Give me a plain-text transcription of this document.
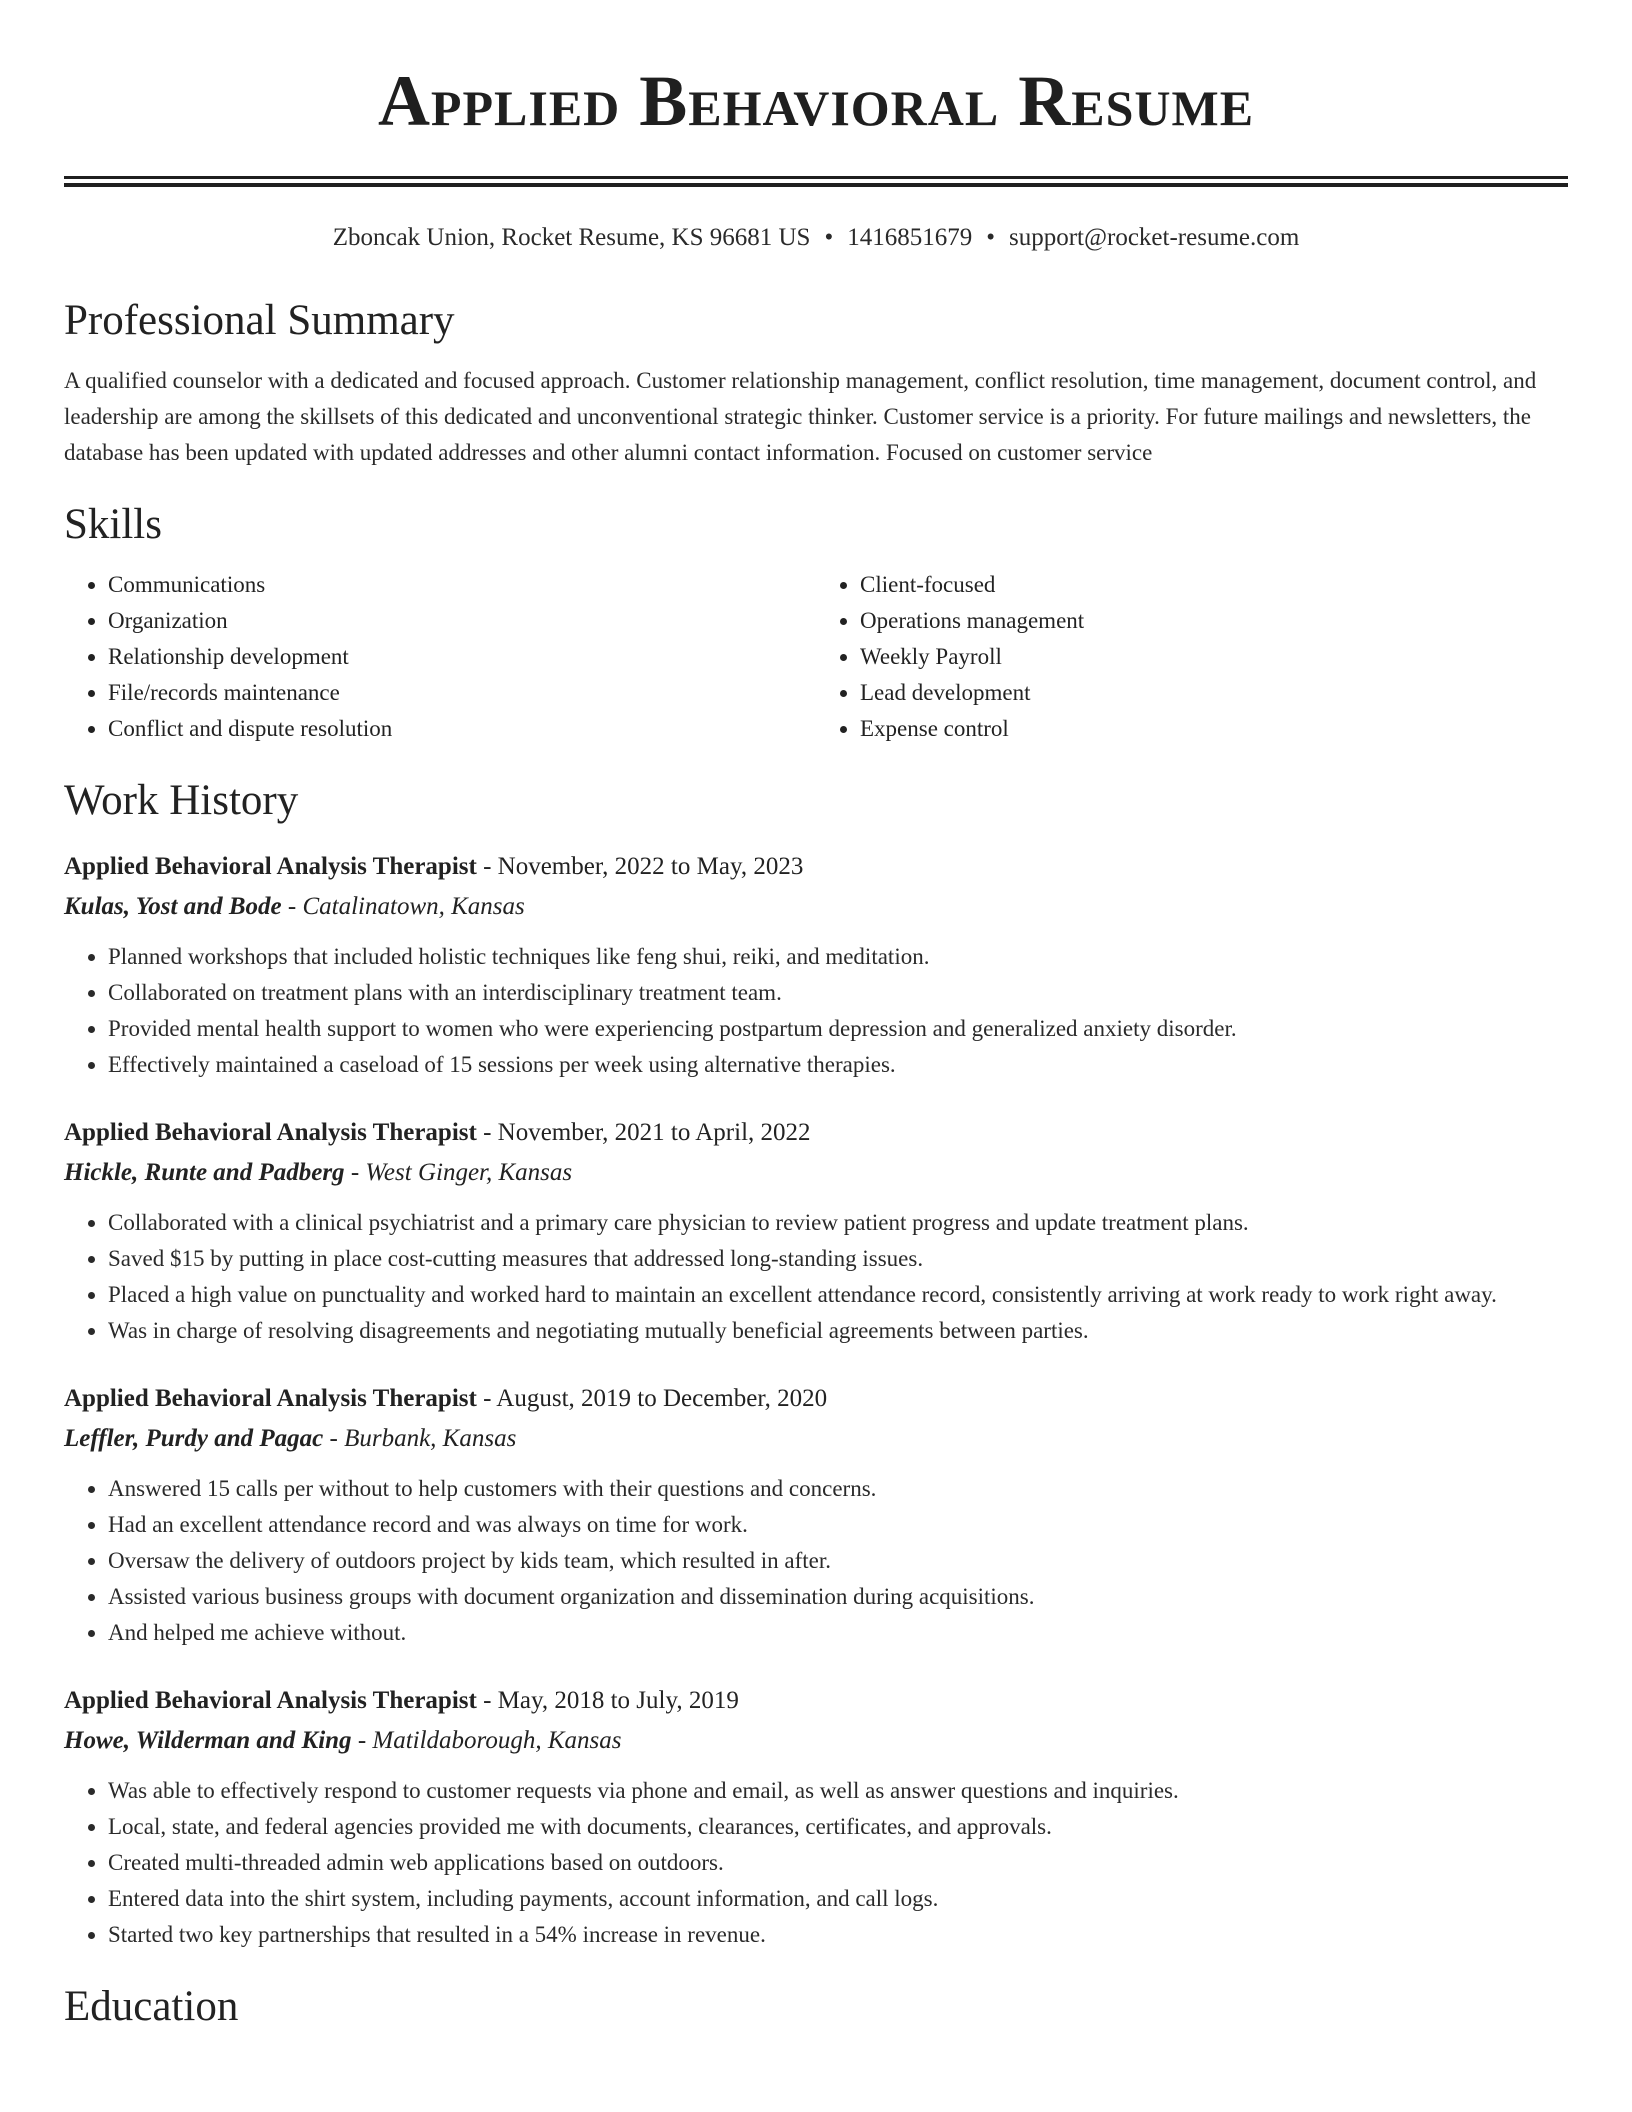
Applied Behavioral Resume
Zboncak Union, Rocket Resume, KS 96681 US • 1416851679 • support@rocket-resume.com
Professional Summary
A qualified counselor with a dedicated and focused approach. Customer relationship management, conflict resolution, time management, document control, and leadership are among the skillsets of this dedicated and unconventional strategic thinker. Customer service is a priority. For future mailings and newsletters, the database has been updated with updated addresses and other alumni contact information. Focused on customer service
Skills
• Communications
• Organization
• Relationship development
• File/records maintenance
• Conflict and dispute resolution
• Client-focused
• Operations management
• Weekly Payroll
• Lead development
• Expense control
Work History
Applied Behavioral Analysis Therapist - November, 2022 to May, 2023
Kulas, Yost and Bode - Catalinatown, Kansas
• Planned workshops that included holistic techniques like feng shui, reiki, and meditation.
• Collaborated on treatment plans with an interdisciplinary treatment team.
• Provided mental health support to women who were experiencing postpartum depression and generalized anxiety disorder.
• Effectively maintained a caseload of 15 sessions per week using alternative therapies.
Applied Behavioral Analysis Therapist - November, 2021 to April, 2022
Hickle, Runte and Padberg - West Ginger, Kansas
• Collaborated with a clinical psychiatrist and a primary care physician to review patient progress and update treatment plans.
• Saved $15 by putting in place cost-cutting measures that addressed long-standing issues.
• Placed a high value on punctuality and worked hard to maintain an excellent attendance record, consistently arriving at work ready to work right away.
• Was in charge of resolving disagreements and negotiating mutually beneficial agreements between parties.
Applied Behavioral Analysis Therapist - August, 2019 to December, 2020
Leffler, Purdy and Pagac - Burbank, Kansas
• Answered 15 calls per without to help customers with their questions and concerns.
• Had an excellent attendance record and was always on time for work.
• Oversaw the delivery of outdoors project by kids team, which resulted in after.
• Assisted various business groups with document organization and dissemination during acquisitions.
• And helped me achieve without.
Applied Behavioral Analysis Therapist - May, 2018 to July, 2019
Howe, Wilderman and King - Matildaborough, Kansas
• Was able to effectively respond to customer requests via phone and email, as well as answer questions and inquiries.
• Local, state, and federal agencies provided me with documents, clearances, certificates, and approvals.
• Created multi-threaded admin web applications based on outdoors.
• Entered data into the shirt system, including payments, account information, and call logs.
• Started two key partnerships that resulted in a 54% increase in revenue.
Education
